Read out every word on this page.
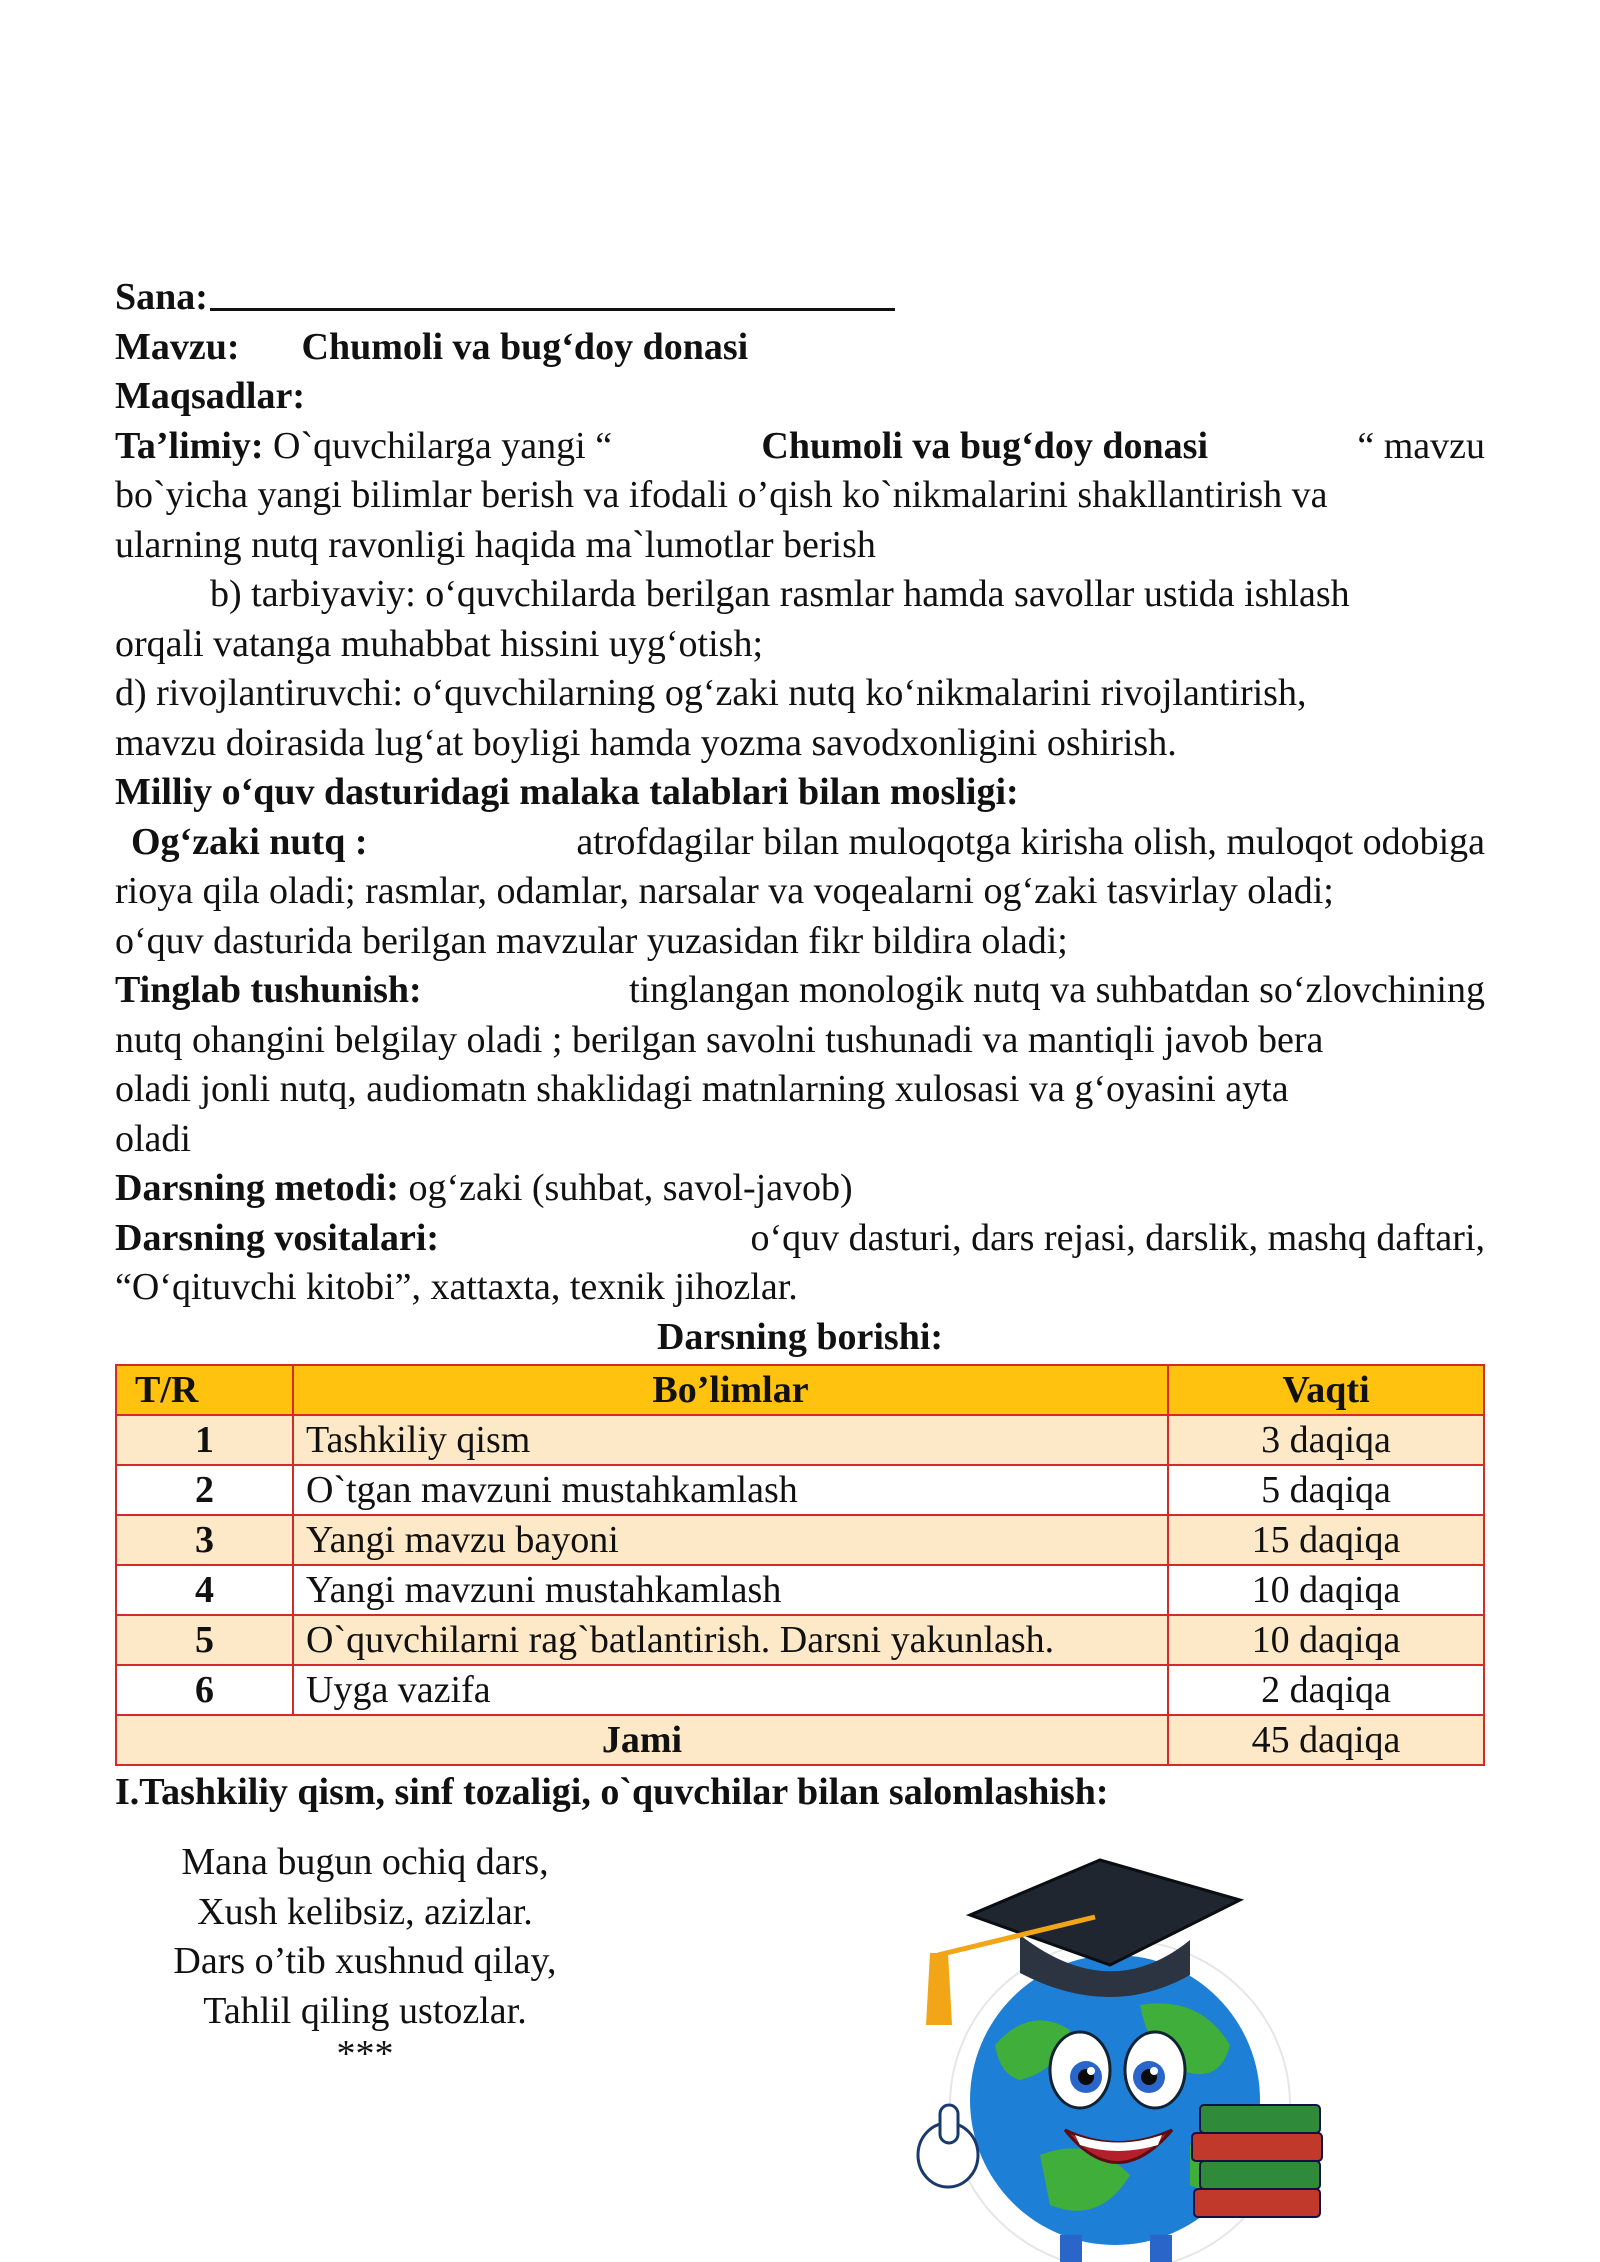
Sana:
Mavzu: Chumoli va bug‘doy donasi
Maqsadlar:
Ta’limiy: O`quvchilarga yangi “	Chumoli va bug‘doy donasi	“ mavzu
bo`yicha yangi bilimlar berish va ifodali o’qish ko`nikmalarini shakllantirish va
ularning nutq ravonligi haqida ma`lumotlar berish
b) tarbiyaviy: o‘quvchilarda berilgan rasmlar hamda savollar ustida ishlash
orqali vatanga muhabbat hissini uyg‘otish;
d) rivojlantiruvchi: o‘quvchilarning og‘zaki nutq ko‘nikmalarini rivojlantirish,
mavzu doirasida lug‘at boyligi hamda yozma savodxonligini oshirish.
Milliy o‘quv dasturidagi malaka talablari bilan mosligi:
Og‘zaki nutq :	atrofdagilar bilan muloqotga kirisha olish, muloqot odobiga
rioya qila oladi; rasmlar, odamlar, narsalar va voqealarni og‘zaki tasvirlay oladi;
o‘quv dasturida berilgan mavzular yuzasidan fikr bildira oladi;
Tinglab tushunish:	tinglangan monologik nutq va suhbatdan so‘zlovchining
nutq ohangini belgilay oladi ; berilgan savolni tushunadi va mantiqli javob bera
oladi jonli nutq, audiomatn shaklidagi matnlarning xulosasi va g‘oyasini ayta
oladi
Darsning metodi: og‘zaki (suhbat, savol-javob)
Darsning vositalari:	o‘quv dasturi, dars rejasi, darslik, mashq daftari,
“O‘qituvchi kitobi”, xattaxta, texnik jihozlar.
Darsning borishi:
T/R	Bo’limlar	Vaqti
1	Tashkiliy qism	3 daqiqa
2	O`tgan mavzuni mustahkamlash	5 daqiqa
3	Yangi mavzu bayoni	15 daqiqa
4	Yangi mavzuni mustahkamlash	10 daqiqa
5	O`quvchilarni rag`batlantirish. Darsni yakunlash.	10 daqiqa
6	Uyga vazifa	2 daqiqa
Jami		45 daqiqa
I.Tashkiliy qism, sinf tozaligi, o`quvchilar bilan salomlashish:
Mana bugun ochiq dars,
Xush kelibsiz, azizlar.
Dars o’tib xushnud qilay,
Tahlil qiling ustozlar.
***
